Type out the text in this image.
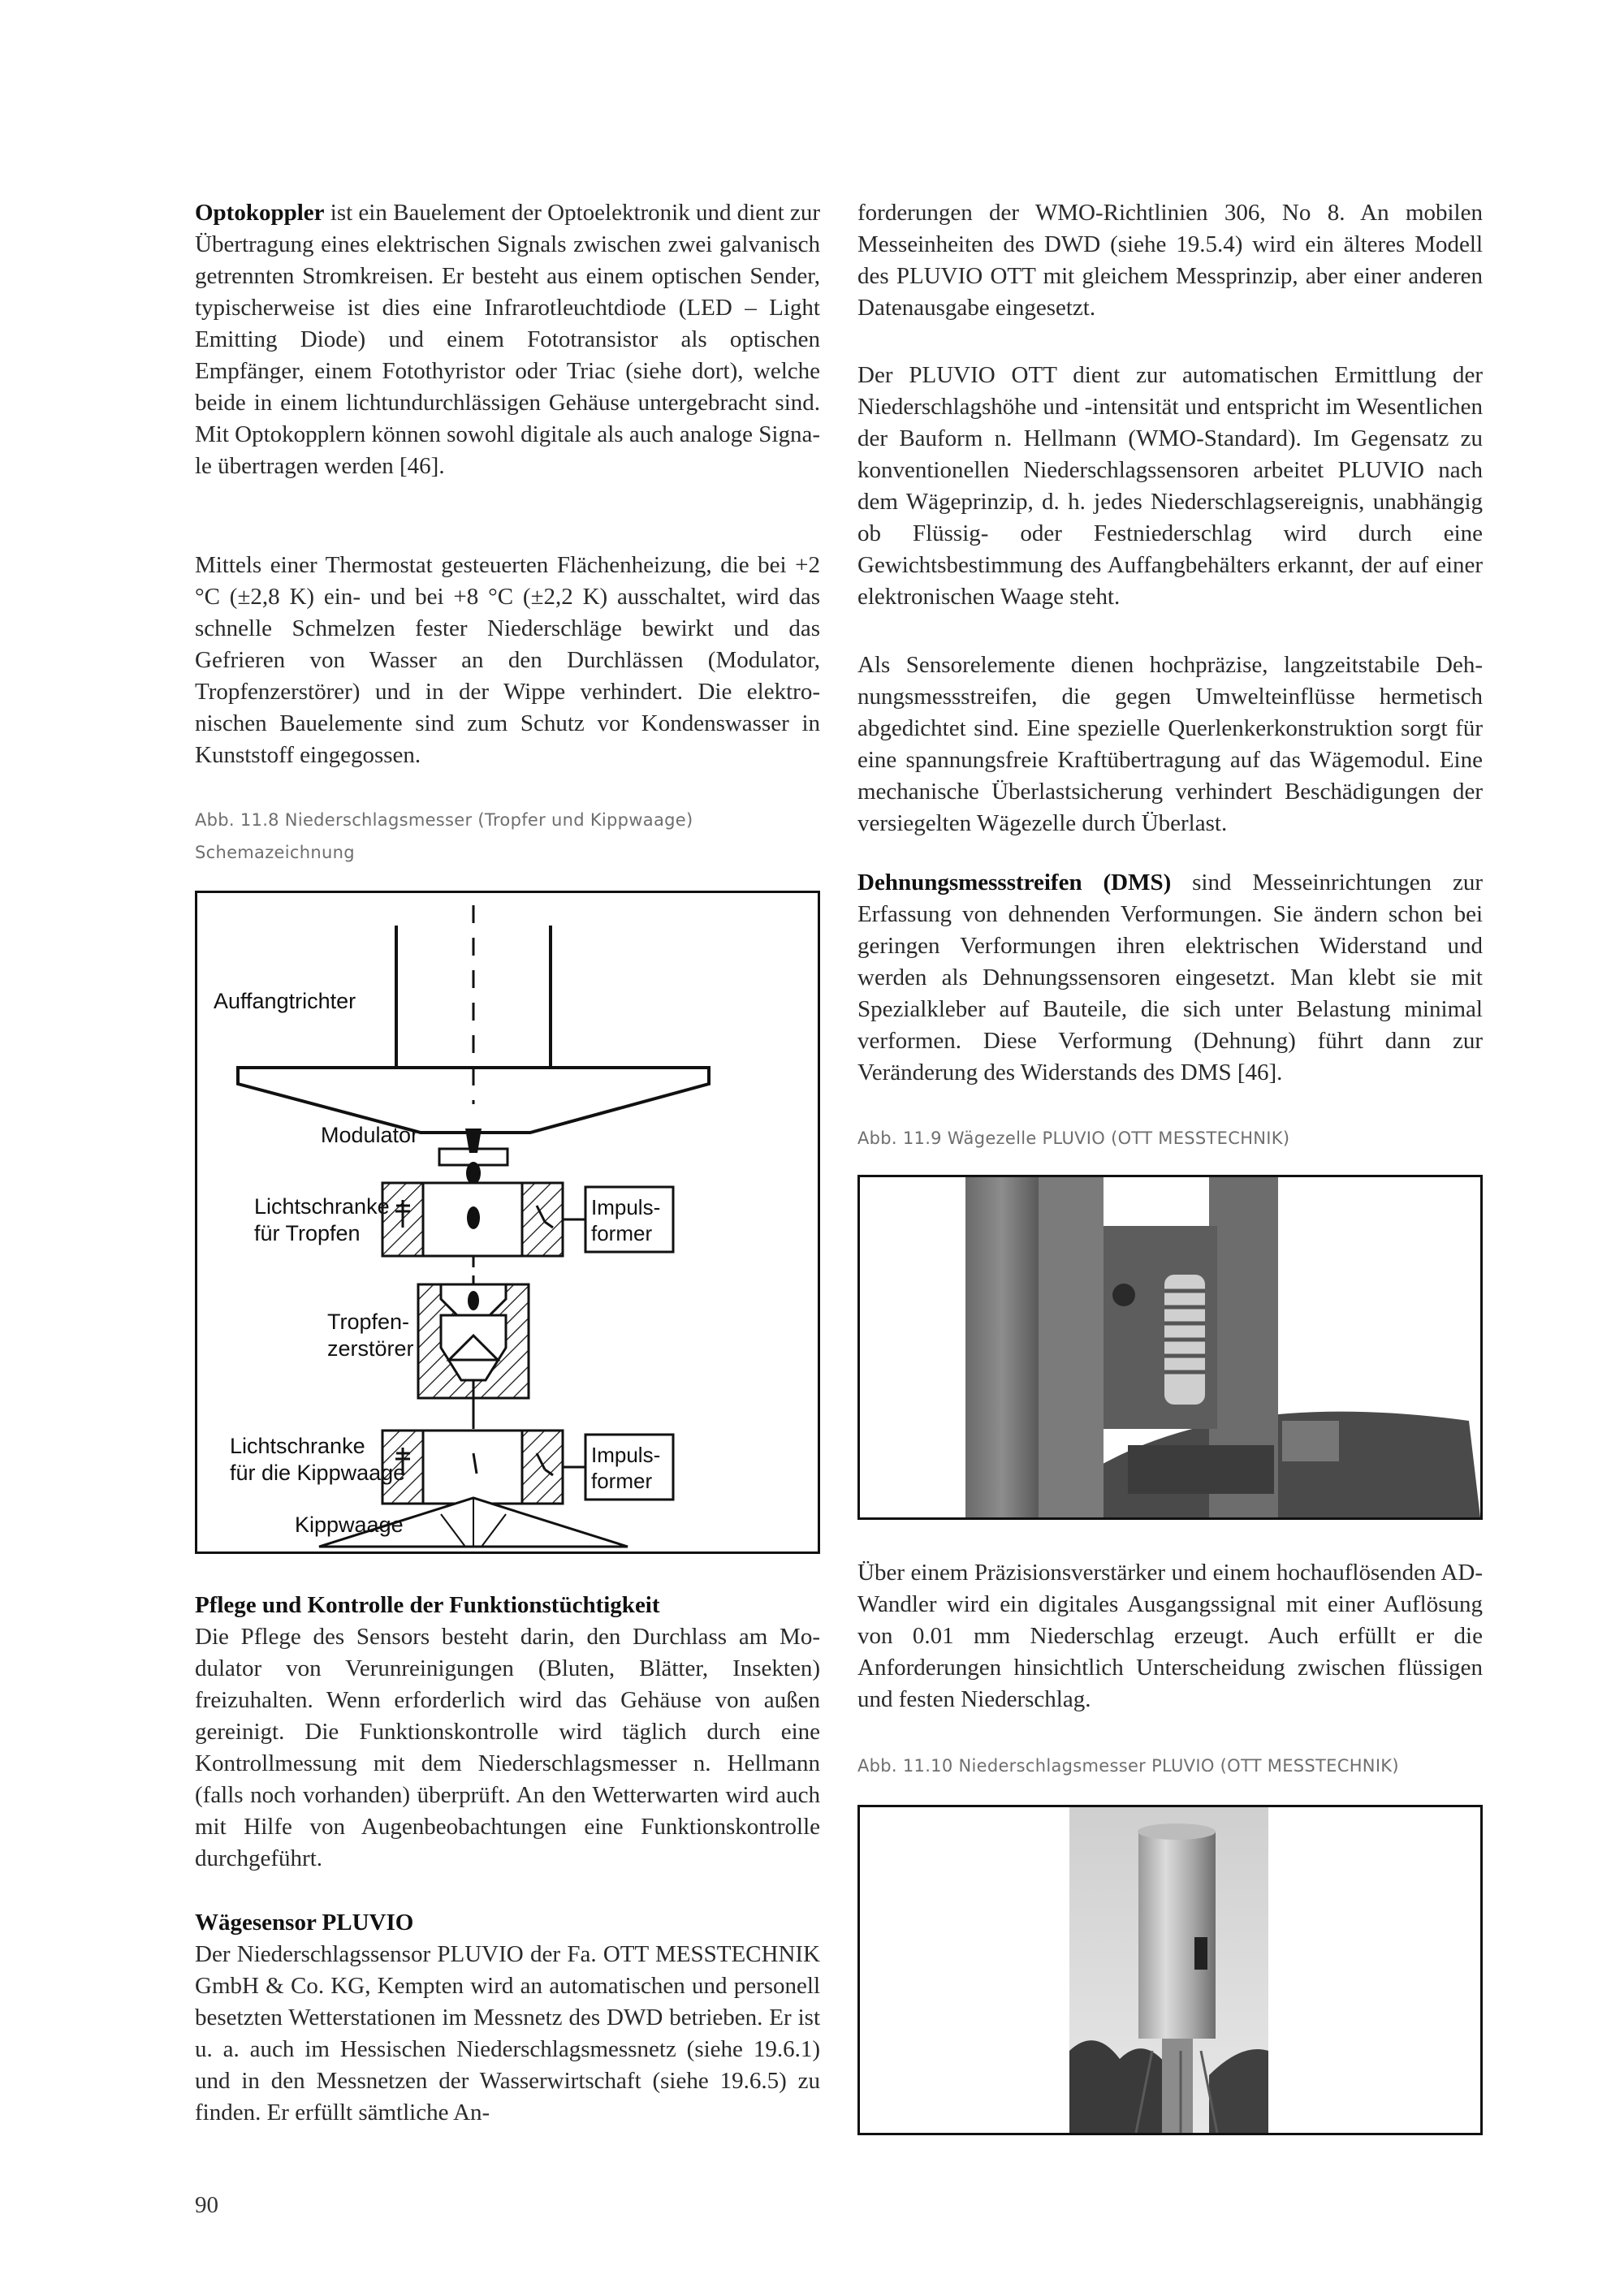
Optokoppler ist ein Bauelement der Optoelektronik und dient zur Übertragung eines elektrischen Signals zwischen zwei galvanisch getrennten Stromkreisen. Er besteht aus einem optischen Sender, typischerweise ist dies eine Infrarotleuchtdiode (LED – Light Emitting Diode) und einem Fototransistor als optischen Empfänger, einem Fotothyristor oder Triac (siehe dort), welche beide in einem lichtundurchlässigen Gehäuse untergebracht sind. Mit Optokopplern können sowohl digitale als auch analoge Signale übertragen werden [46].

Mittels einer Thermostat gesteuerten Flächenheizung, die bei +2 °C (±2,8 K) ein- und bei +8 °C (±2,2 K) ausschaltet, wird das schnelle Schmelzen fester Niederschläge bewirkt und das Gefrieren von Wasser an den Durchlässen (Modulator, Tropfenzerstörer) und in der Wippe verhindert. Die elektronischen Bauelemente sind zum Schutz vor Kondenswasser in Kunststoff eingegossen.

Abb. 11.8 Niederschlagsmesser (Tropfer und Kippwaage)
Schemazeichnung
Modulator
Auffangtrichter
Lichtschranke
für Tropfen
Impuls-
former
Tropfen-
zerstörer
Lichtschranke
für die Kippwaage
Impuls-
former
Kippwaage

Pflege und Kontrolle der Funktionstüchtigkeit

Die Pflege des Sensors besteht darin, den Durchlass am Modulator von Verunreinigungen (Bluten, Blätter, Insekten) freizuhalten. Wenn erforderlich wird das Gehäuse von außen gereinigt. Die Funktionskontrolle wird täglich durch eine Kontrollmessung mit dem Niederschlagsmesser n. Hellmann (falls noch vorhanden) überprüft. An den Wetterwarten wird auch mit Hilfe von Augenbeobachtungen eine Funktionskontrolle durchgeführt.

Wägesensor PLUVIO

Der Niederschlagssensor PLUVIO der Fa. OTT MESSTECHNIK GmbH & Co. KG, Kempten wird an automatischen und personell besetzten Wetterstationen im Messnetz des DWD betrieben. Er ist u. a. auch im Hessischen Niederschlagsmessnetz (siehe 19.6.1) und in den Messnetzen der Wasserwirtschaft (siehe 19.6.5) zu finden. Er erfüllt sämtliche An-

forderungen der WMO-Richtlinien 306, No 8. An mobilen Messeinheiten des DWD (siehe 19.5.4) wird ein älteres Modell des PLUVIO OTT mit gleichem Messprinzip, aber einer anderen Datenausgabe eingesetzt.

Der PLUVIO OTT dient zur automatischen Ermittlung der Niederschlagshöhe und -intensität und entspricht im Wesentlichen der Bauform n. Hellmann (WMO-Standard). Im Gegensatz zu konventionellen Niederschlagssensoren arbeitet PLUVIO nach dem Wägeprinzip, d. h. jedes Niederschlagsereignis, unabhängig ob Flüssig- oder Festniederschlag wird durch eine Gewichtsbestimmung des Auffangbehälters erkannt, der auf einer elektronischen Waage steht.

Als Sensorelemente dienen hochpräzise, langzeitstabile Dehnungsmessstreifen, die gegen Umwelteinflüsse hermetisch abgedichtet sind. Eine spezielle Querlenkerkonstruktion sorgt für eine spannungsfreie Kraftübertragung auf das Wägemodul. Eine mechanische Überlastsicherung verhindert Beschädigungen der versiegelten Wägezelle durch Überlast.

Dehnungsmessstreifen (DMS) sind Messeinrichtungen zur Erfassung von dehnenden Verformungen. Sie ändern schon bei geringen Verformungen ihren elektrischen Widerstand und werden als Dehnungssensoren eingesetzt. Man klebt sie mit Spezialkleber auf Bauteile, die sich unter Belastung minimal verformen. Diese Verformung (Dehnung) führt dann zur Veränderung des Widerstands des DMS [46].

Abb. 11.9 Wägezelle PLUVIO (OTT MESSTECHNIK)

Über einem Präzisionsverstärker und einem hochauflösenden AD-Wandler wird ein digitales Ausgangssignal mit einer Auflösung von 0.01 mm Niederschlag erzeugt. Auch erfüllt er die Anforderungen hinsichtlich Unterscheidung zwischen flüssigen und festen Niederschlag.

Abb. 11.10 Niederschlagsmesser PLUVIO (OTT MESSTECHNIK)
90
